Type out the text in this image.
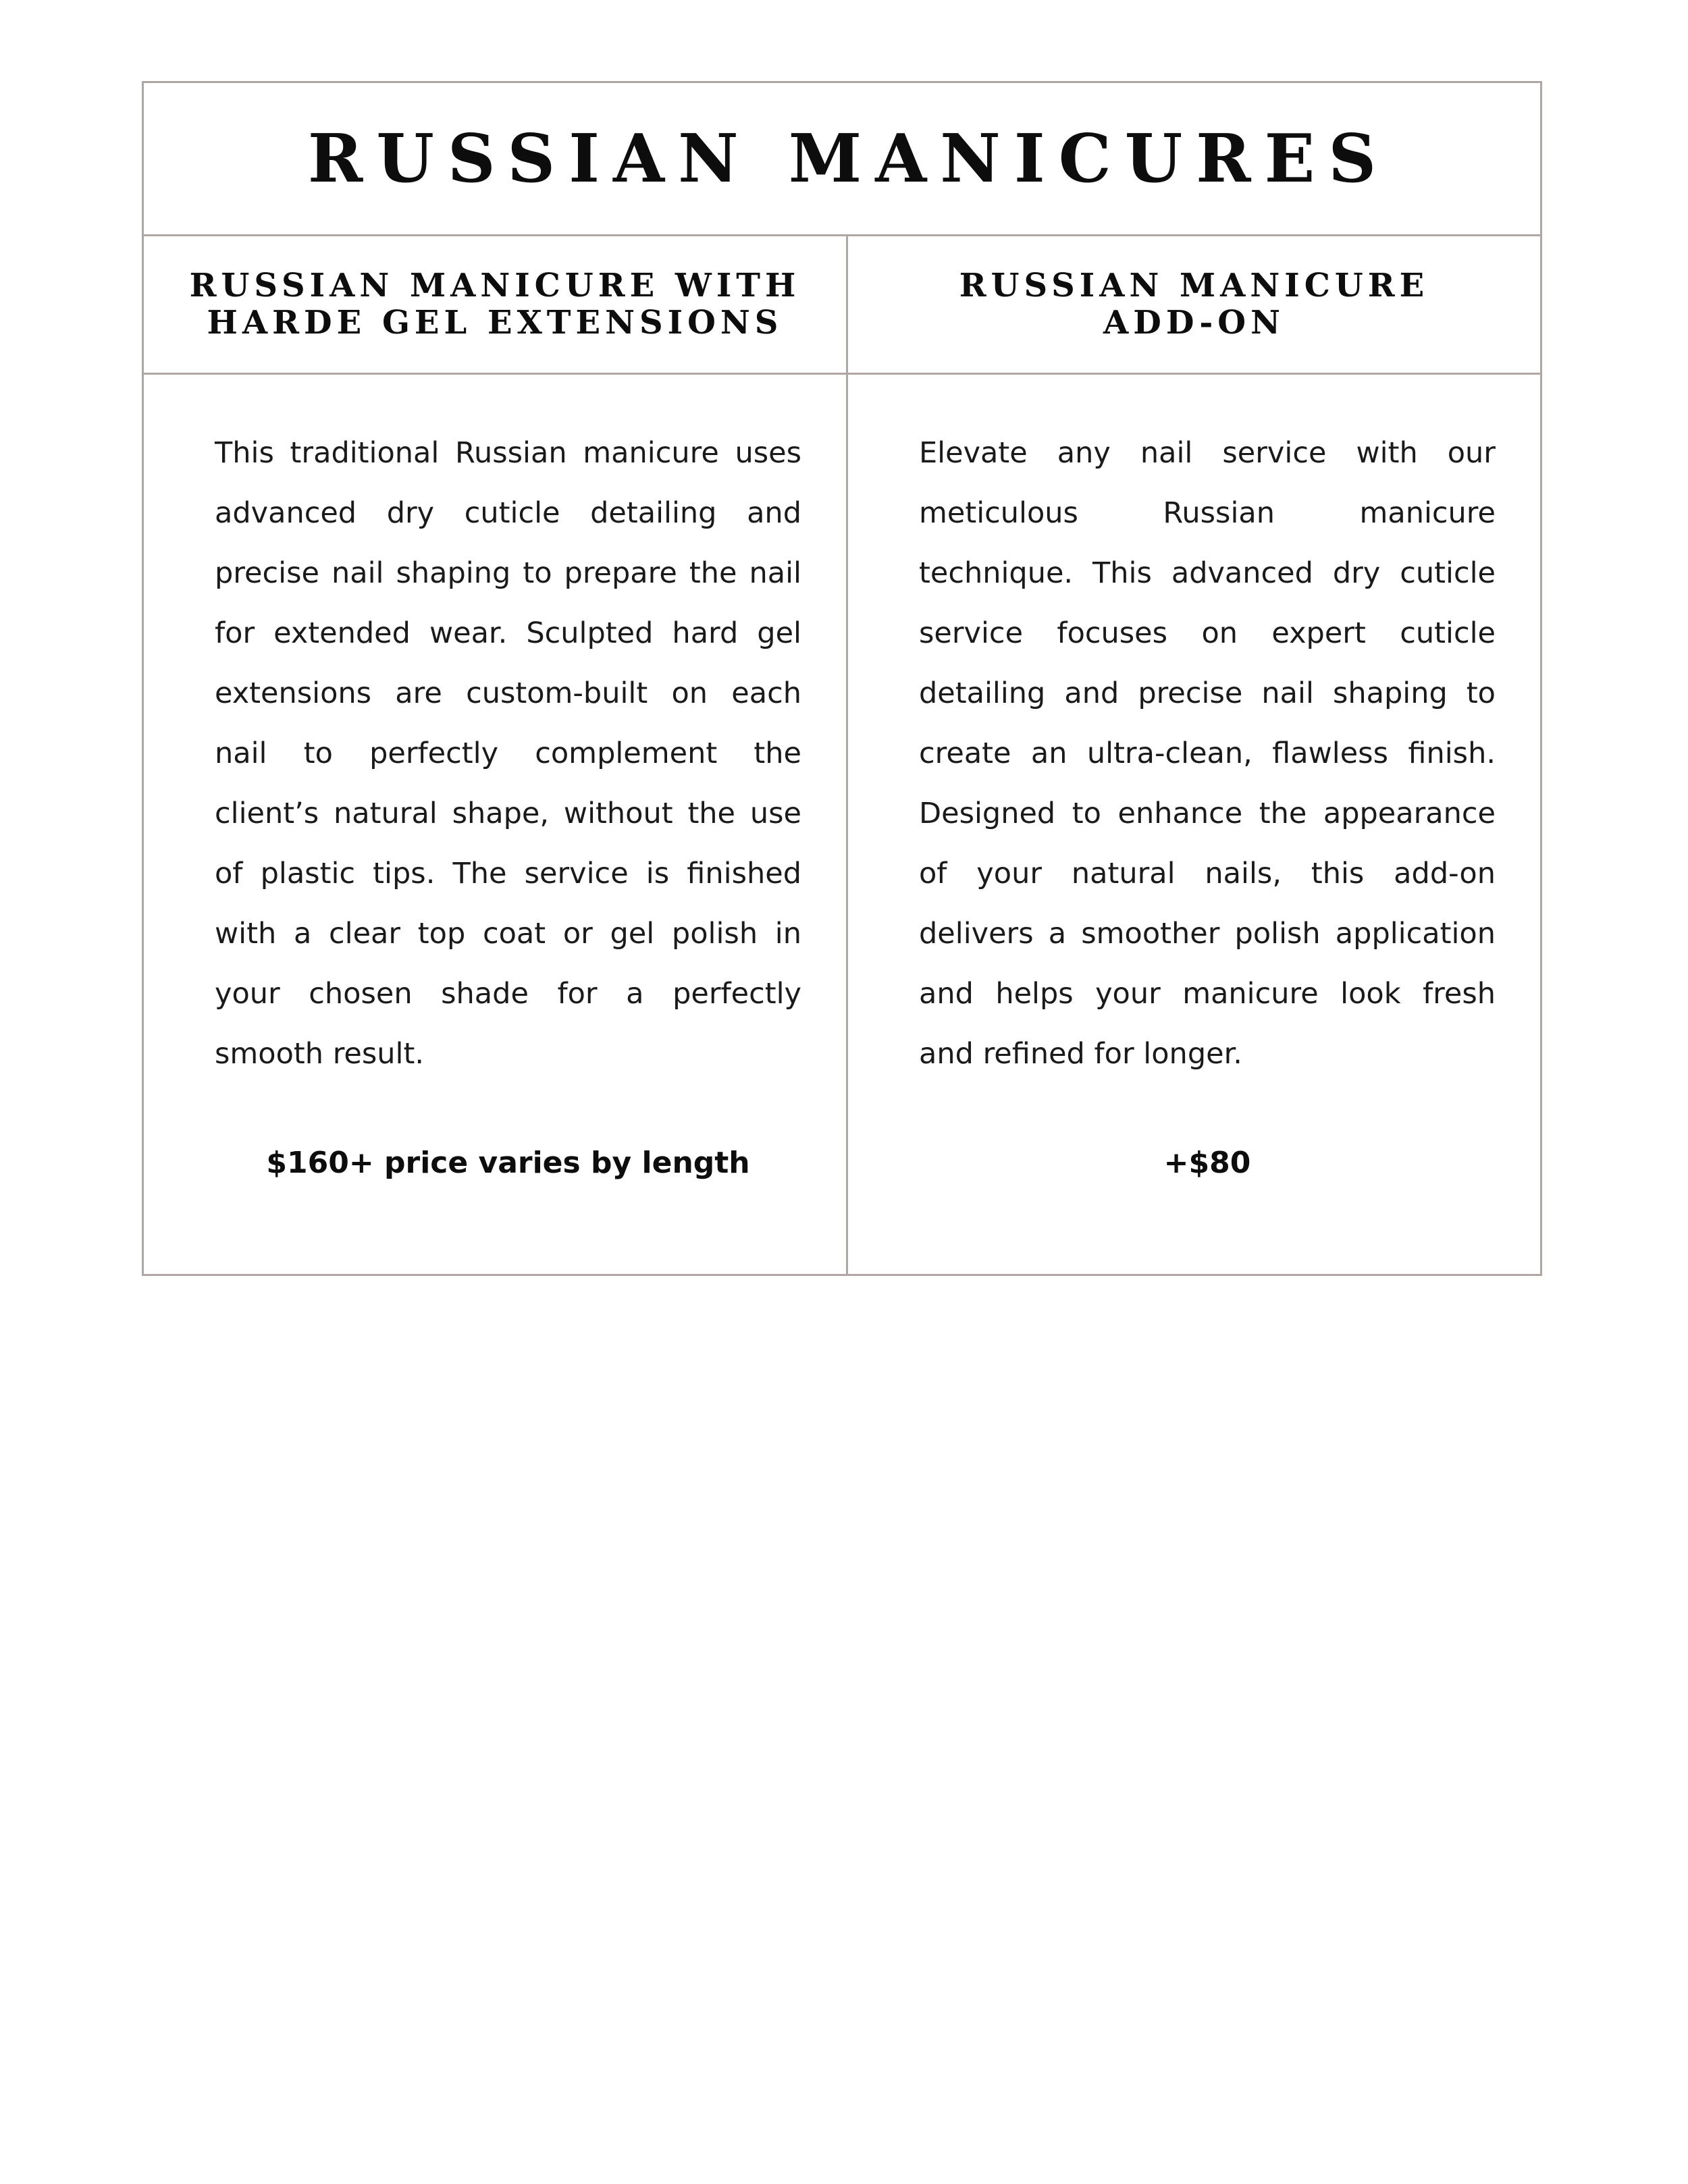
RUSSIAN MANICURES
RUSSIAN MANICURE WITH
HARDE GEL EXTENSIONS

This traditional Russian manicure uses advanced dry cuticle detailing and precise nail shaping to prepare the nail for extended wear. Sculpted hard gel extensions are custom-built on each nail to perfectly complement the client’s natural shape, without the use of plastic tips. The service is finished with a clear top coat or gel polish in your chosen shade for a perfectly smooth result.

$160+ price varies by length

RUSSIAN MANICURE
ADD-ON

Elevate any nail service with our meticulous Russian manicure technique. This advanced dry cuticle service focuses on expert cuticle detailing and precise nail shaping to create an ultra-clean, flawless finish. Designed to enhance the appearance of your natural nails, this add-on delivers a smoother polish application and helps your manicure look fresh and refined for longer.

+$80
